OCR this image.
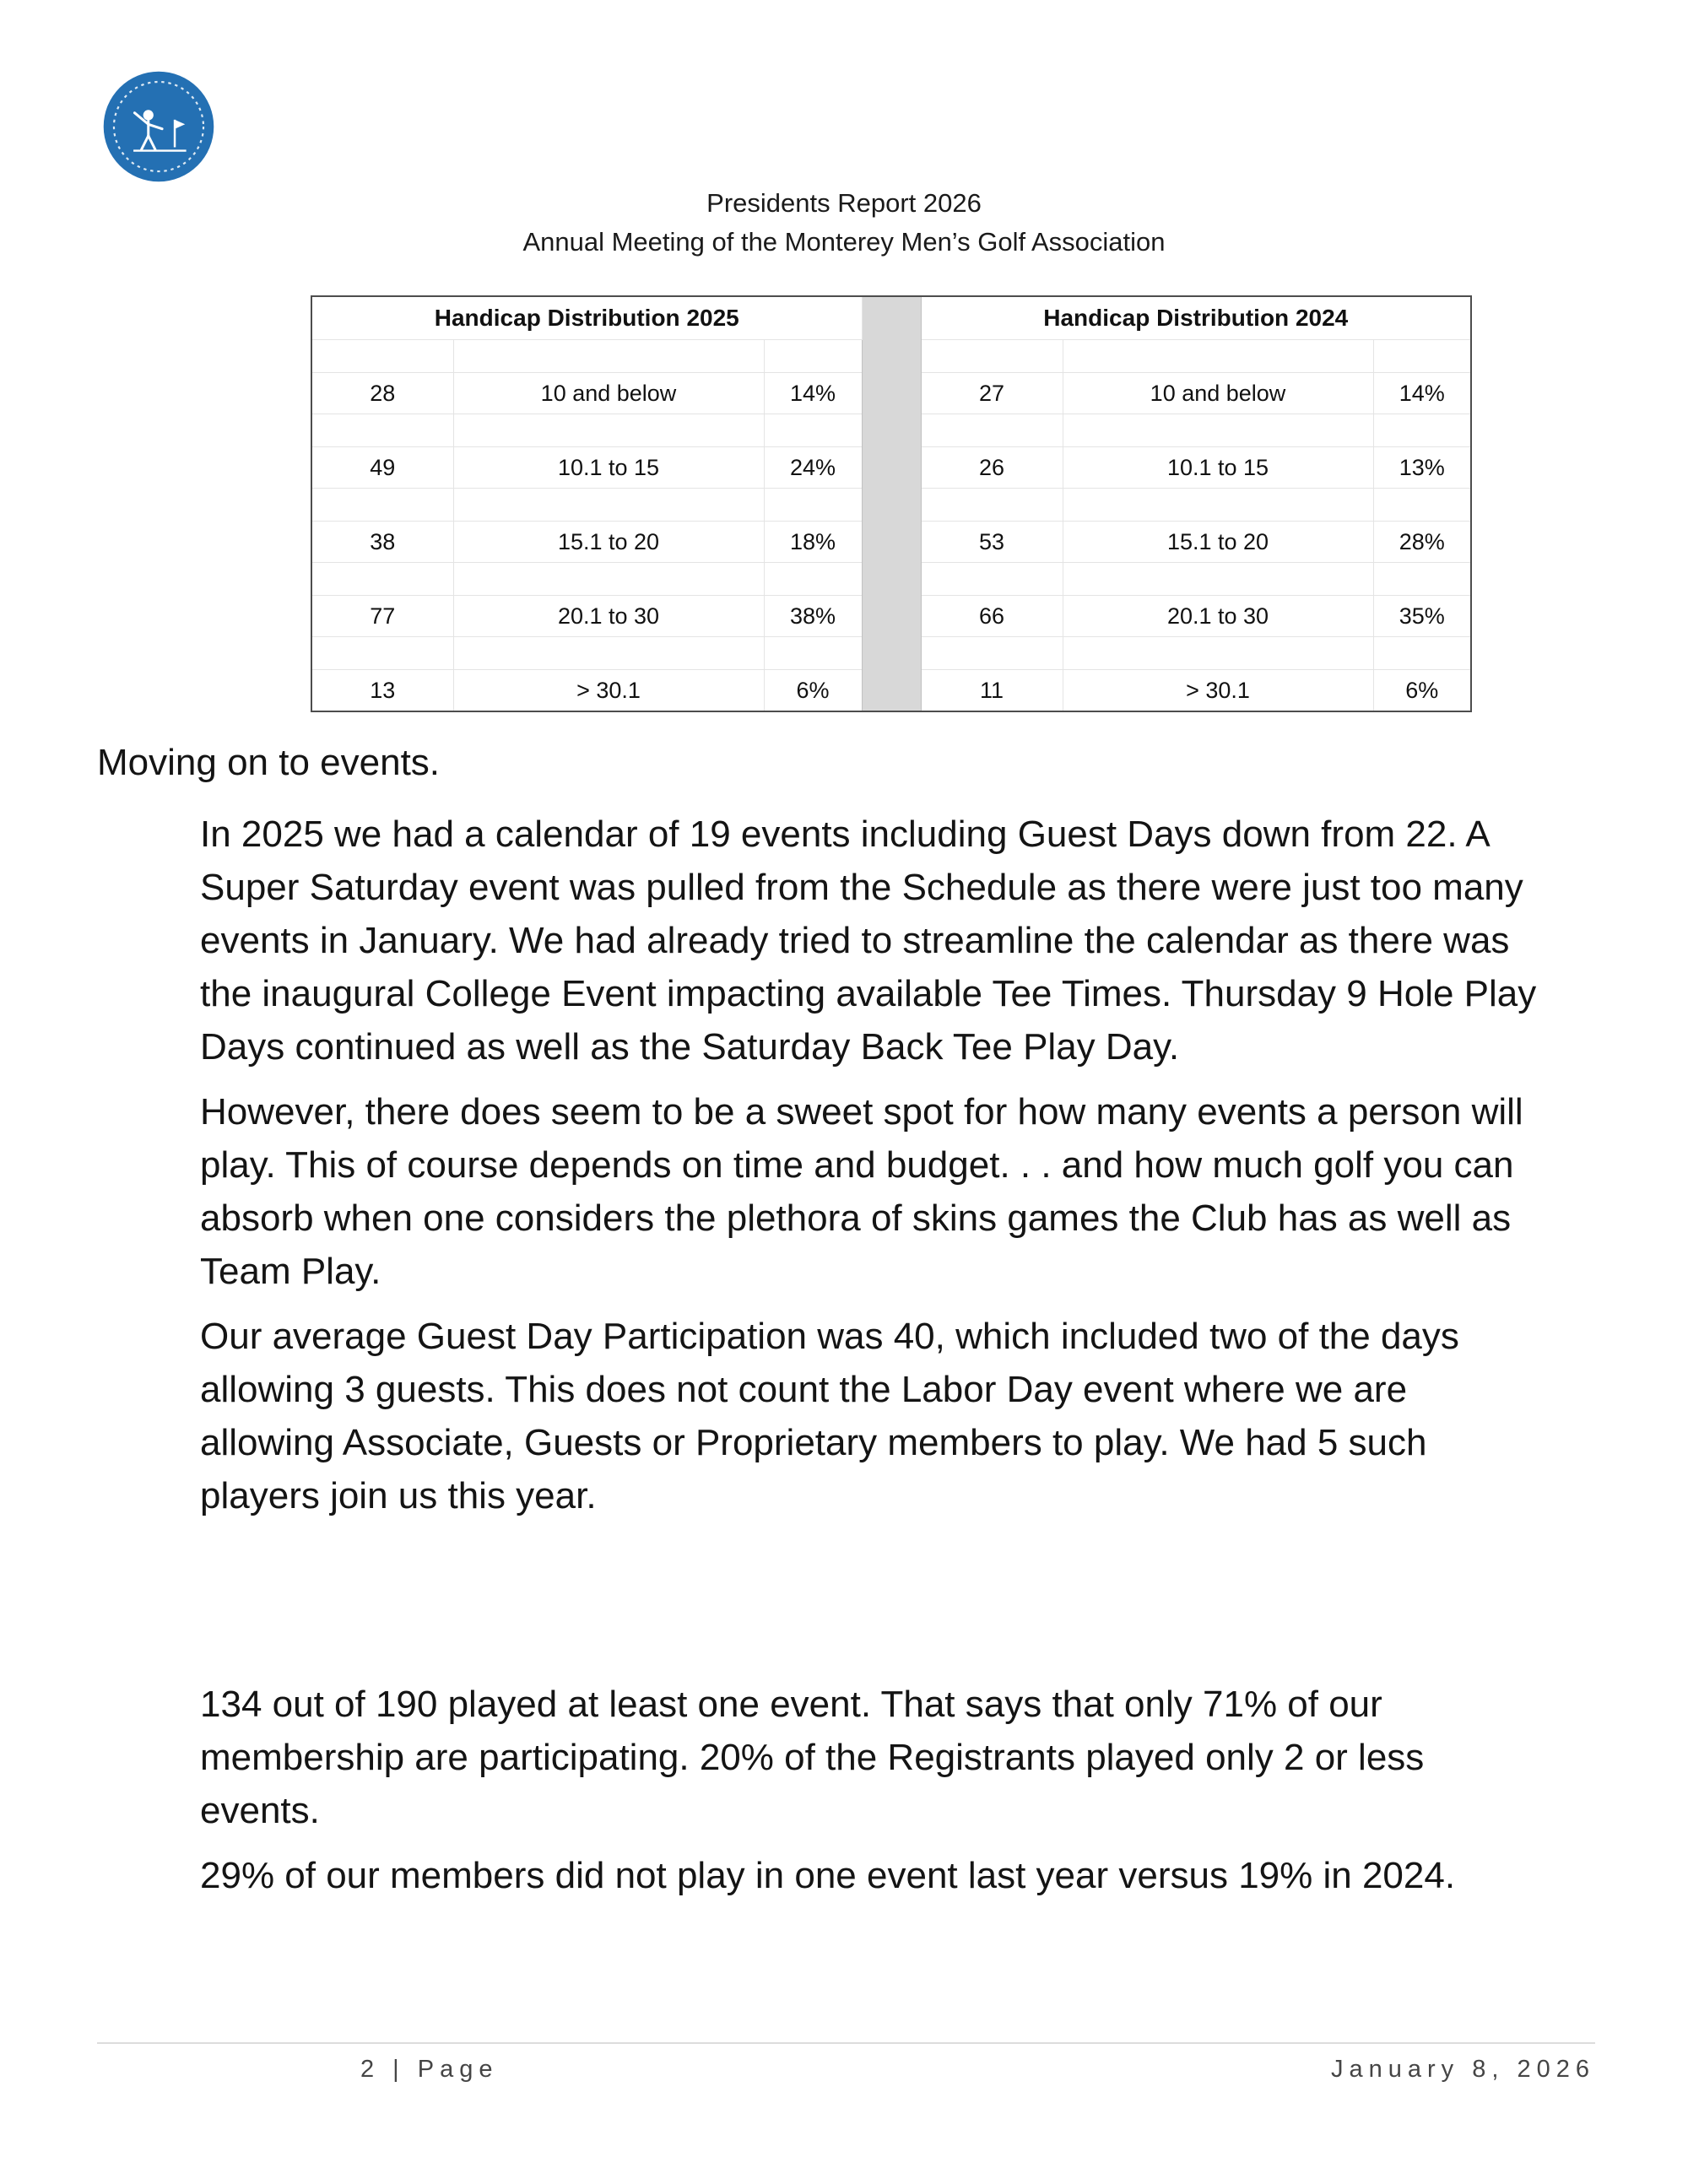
Presidents Report 2026
Annual Meeting of the Monterey Men’s Golf Association
Handicap Distribution 2025				Handicap Distribution 2024		

28	10 and below	14%		27	10 and below	14%

49	10.1 to 15	24%		26	10.1 to 15	13%

38	15.1 to 20	18%		53	15.1 to 20	28%

77	20.1 to 30	38%		66	20.1 to 30	35%

13	> 30.1	6%		11	> 30.1	6%

Moving on to events.

In 2025 we had a calendar of 19 events including Guest Days down from 22. A Super Saturday event was pulled from the Schedule as there were just too many events in January. We had already tried to streamline the calendar as there was the inaugural College Event impacting available Tee Times. Thursday 9 Hole Play Days continued as well as the Saturday Back Tee Play Day.

However, there does seem to be a sweet spot for how many events a person will play. This of course depends on time and budget. . . and how much golf you can absorb when one considers the plethora of skins games the Club has as well as Team Play.

Our average Guest Day Participation was 40, which included two of the days allowing 3 guests. This does not count the Labor Day event where we are allowing Associate, Guests or Proprietary members to play. We had 5 such players join us this year.

134 out of 190 played at least one event. That says that only 71% of our membership are participating. 20% of the Registrants played only 2 or less events.

29% of our members did not play in one event last year versus 19% in 2024.

2 | Page	January 8, 2026
